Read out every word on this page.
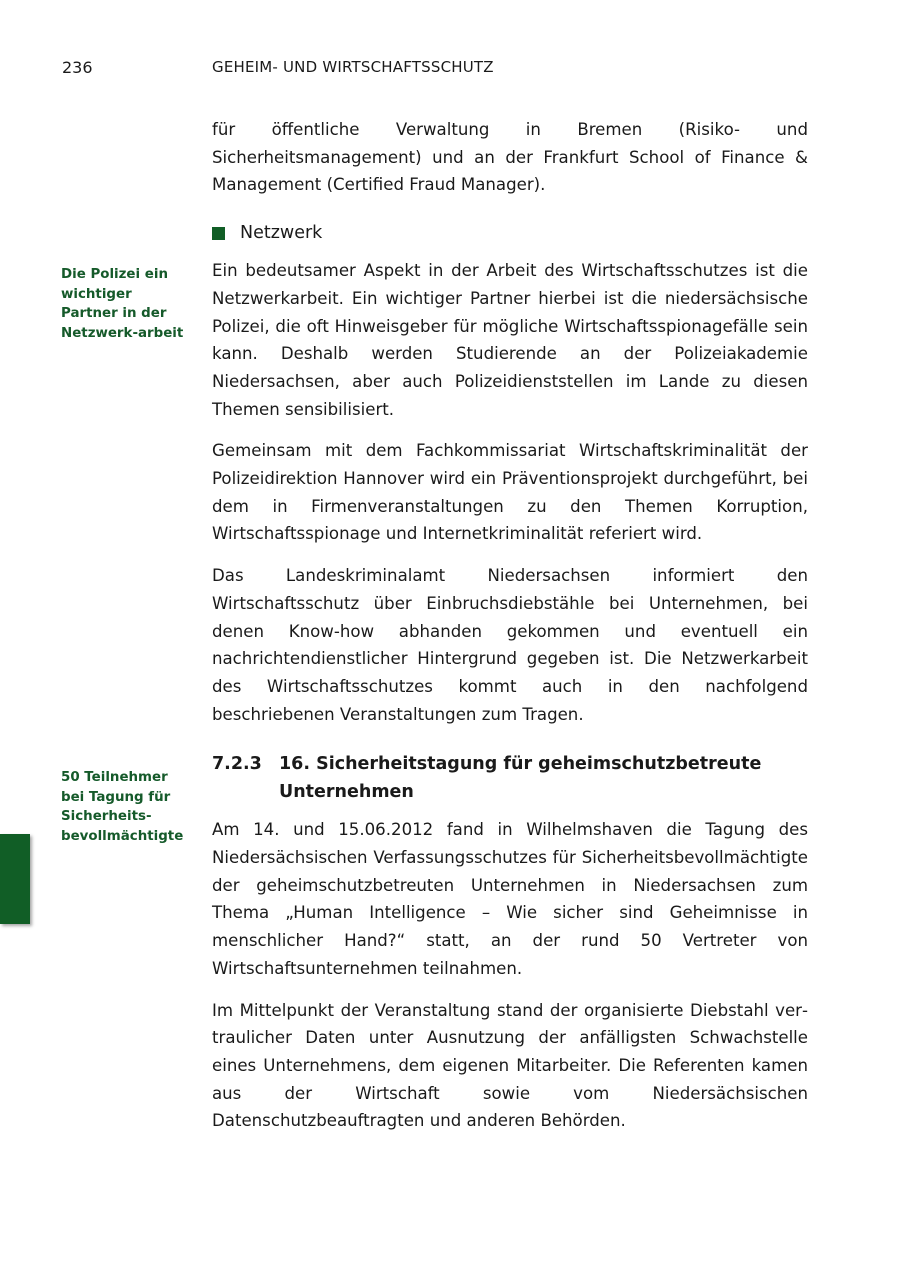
236	GEHEIM- UND WIRTSCHAFTSSCHUTZ
Die Polizei ein wichtiger Partner in der Netzwerk-arbeit
50 Teilnehmer bei Tagung für Sicherheits-bevollmächtigte

für öffentliche Verwaltung in Bremen (Risiko- und Sicherheitsmanagement) und an der Frankfurt School of Finance & Management (Certified Fraud Manager).

Netzwerk

Ein bedeutsamer Aspekt in der Arbeit des Wirtschaftsschutzes ist die Netzwerkarbeit. Ein wichtiger Partner hierbei ist die niedersächsische Polizei, die oft Hinweisgeber für mögliche Wirtschaftsspionagefälle sein kann. Deshalb werden Studierende an der Polizeiakademie Niedersachsen, aber auch Polizeidienststellen im Lande zu diesen Themen sensibilisiert.

Gemeinsam mit dem Fachkommissariat Wirtschaftskriminalität der Polizeidirektion Hannover wird ein Präventionsprojekt durchgeführt, bei dem in Firmenveranstaltungen zu den Themen Korruption, Wirtschaftsspionage und Internetkriminalität referiert wird.

Das Landeskriminalamt Niedersachsen informiert den Wirtschaftsschutz über Einbruchsdiebstähle bei Unternehmen, bei denen Know-how abhanden gekommen und eventuell ein nachrichtendienstlicher Hintergrund gegeben ist. Die Netzwerkarbeit des Wirtschaftsschutzes kommt auch in den nachfolgend beschriebenen Veranstaltungen zum Tragen.

7.2.3 16. Sicherheitstagung für geheimschutzbetreute Unternehmen

Am 14. und 15.06.2012 fand in Wilhelmshaven die Tagung des Niedersächsischen Verfassungsschutzes für Sicherheitsbevollmächtigte der geheimschutzbetreuten Unternehmen in Niedersachsen zum Thema „Human Intelligence – Wie sicher sind Geheimnisse in menschlicher Hand?“ statt, an der rund 50 Vertreter von Wirtschaftsunternehmen teilnahmen.

Im Mittelpunkt der Veranstaltung stand der organisierte Diebstahl vertraulicher Daten unter Ausnutzung der anfälligsten Schwachstelle eines Unternehmens, dem eigenen Mitarbeiter. Die Referenten kamen aus der Wirtschaft sowie vom Niedersächsischen Datenschutzbeauftragten und anderen Behörden.
